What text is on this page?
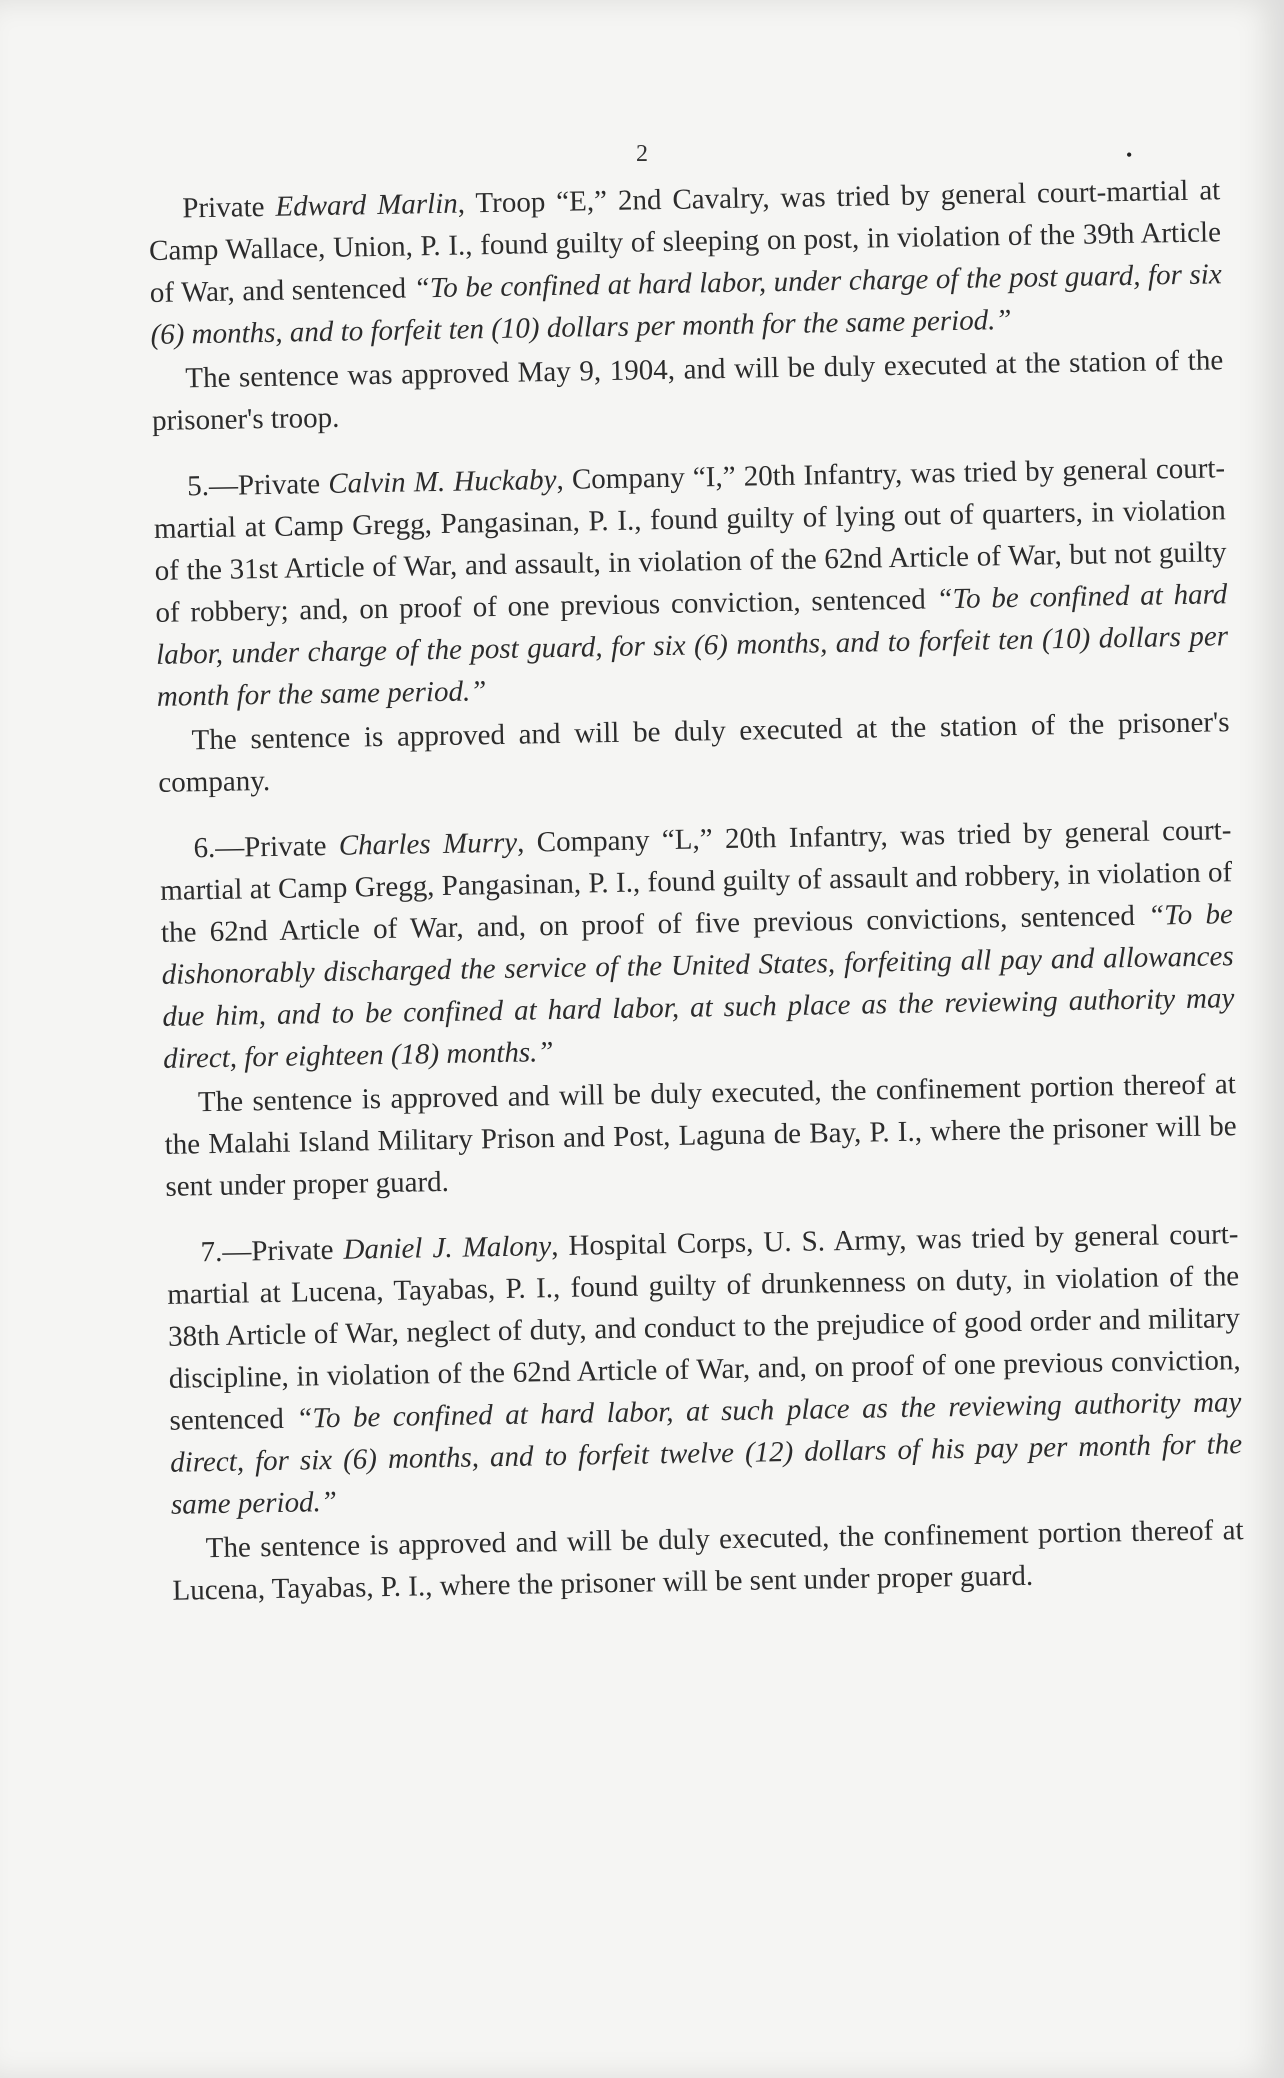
2	•

Private Edward Marlin, Troop “E,” 2nd Cavalry, was tried by general court-martial at Camp Wallace, Union, P. I., found guilty of sleeping on post, in violation of the 39th Article of War, and sentenced “To be confined at hard labor, under charge of the post guard, for six (6) months, and to forfeit ten (10) dollars per month for the same period.”

The sentence was approved May 9, 1904, and will be duly executed at the station of the prisoner's troop.

5.—Private Calvin M. Huckaby, Company “I,” 20th Infantry, was tried by general court-martial at Camp Gregg, Pangasinan, P. I., found guilty of lying out of quarters, in violation of the 31st Article of War, and assault, in violation of the 62nd Article of War, but not guilty of robbery; and, on proof of one previous conviction, sentenced “To be confined at hard labor, under charge of the post guard, for six (6) months, and to forfeit ten (10) dollars per month for the same period.”

The sentence is approved and will be duly executed at the station of the prisoner's company.

6.—Private Charles Murry, Company “L,” 20th Infantry, was tried by general court-martial at Camp Gregg, Pangasinan, P. I., found guilty of assault and robbery, in violation of the 62nd Article of War, and, on proof of five previous convictions, sentenced “To be dishonorably discharged the service of the United States, forfeiting all pay and allowances due him, and to be confined at hard labor, at such place as the reviewing authority may direct, for eighteen (18) months.”

The sentence is approved and will be duly executed, the confinement portion thereof at the Malahi Island Military Prison and Post, Laguna de Bay, P. I., where the prisoner will be sent under proper guard.

7.—Private Daniel J. Malony, Hospital Corps, U. S. Army, was tried by general court-martial at Lucena, Tayabas, P. I., found guilty of drunkenness on duty, in violation of the 38th Article of War, neglect of duty, and conduct to the prejudice of good order and military discipline, in violation of the 62nd Article of War, and, on proof of one previous conviction, sentenced “To be confined at hard labor, at such place as the reviewing authority may direct, for six (6) months, and to forfeit twelve (12) dollars of his pay per month for the same period.”

The sentence is approved and will be duly executed, the confinement portion thereof at Lucena, Tayabas, P. I., where the prisoner will be sent under proper guard.
